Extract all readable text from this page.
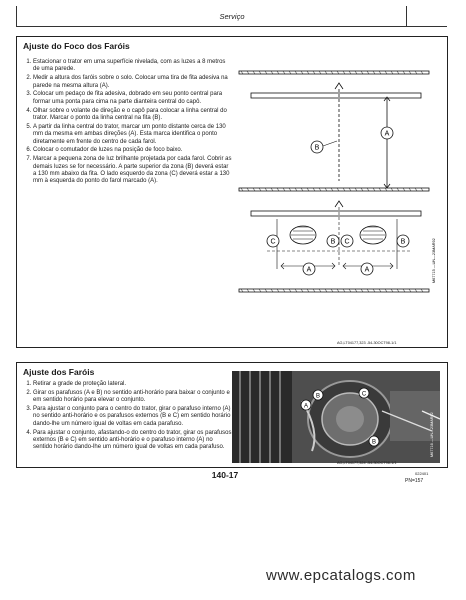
Serviço
Ajuste do Foco dos Faróis
1. Estacionar o trator em uma superfície nivelada, com as luzes a 8 metros de uma parede.
2. Medir a altura dos faróis sobre o solo. Colocar uma tira de fita adesiva na parede na mesma altura (A).
3. Colocar um pedaço de fita adesiva, dobrado em seu ponto central para formar uma ponta para cima na parte dianteira central do capô.
4. Olhar sobre o volante de direção e o capô para colocar a linha central do trator. Marcar o ponto da linha central na fita (B).
5. A partir da linha central do trator, marcar um ponto distante cerca de 130 mm da mesma em ambas direções (A). Esta marca identifica o ponto diretamente em frente do centro de cada farol.
6. Colocar o comutador de luzes na posição de foco baixo.
7. Marcar a pequena zona de luz brilhante projetada por cada farol. Cobrir as demais luzes se for necessário. A parte superior da zona (B) deverá estar a 130 mm abaixo da fita. O lado esquerdo da zona (C) deverá estar a 130 mm à esquerda do ponto do farol marcado (A).
A
B
A	A
C	B C	B	M67715 —UN—23MAR92
AG,LT04177,323 -54-30OCT98-1/1
Ajuste dos Faróis
1. Retirar a grade de proteção lateral.
2. Girar os parafusos (A e B) no sentido anti-horário para baixar o conjunto e em sentido horário para elevar o conjunto.
3. Para ajustar o conjunto para o centro do trator, girar o parafuso interno (A) no sentido anti-horário e os parafusos externos (B e C) em sentido horário dando-lhe um número igual de voltas em cada parafuso.
4. Para ajustar o conjunto, afastando-o do centro do trator, girar os parafusos externos (B e C) em sentido anti-horário e o parafuso interno (A) no sentido horário dando-lhe um número igual de voltas em cada parafuso.
A
B	C
B	M67716 —UN—23MAR92
AG,LT04177,324 -54-30OCT98-1/1
140-17	022401
PN=157
www.epcatalogs.com
